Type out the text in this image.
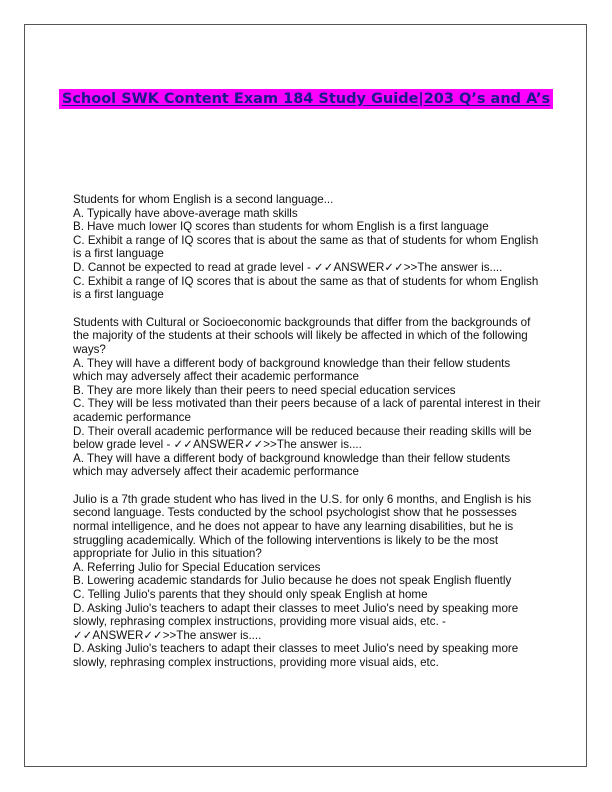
School SWK Content Exam 184 Study Guide|203 Q’s and A’s
Students for whom English is a second language...
A. Typically have above-average math skills
B. Have much lower IQ scores than students for whom English is a first language
C. Exhibit a range of IQ scores that is about the same as that of students for whom English is a first language
D. Cannot be expected to read at grade level - ✓✓ANSWER✓✓>>The answer is....
C. Exhibit a range of IQ scores that is about the same as that of students for whom English is a first language
Students with Cultural or Socioeconomic backgrounds that differ from the backgrounds of the majority of the students at their schools will likely be affected in which of the following ways?
A. They will have a different body of background knowledge than their fellow students which may adversely affect their academic performance
B. They are more likely than their peers to need special education services
C. They will be less motivated than their peers because of a lack of parental interest in their academic performance
D. Their overall academic performance will be reduced because their reading skills will be below grade level - ✓✓ANSWER✓✓>>The answer is....
A. They will have a different body of background knowledge than their fellow students which may adversely affect their academic performance
Julio is a 7th grade student who has lived in the U.S. for only 6 months, and English is his second language. Tests conducted by the school psychologist show that he possesses normal intelligence, and he does not appear to have any learning disabilities, but he is struggling academically. Which of the following interventions is likely to be the most appropriate for Julio in this situation?
A. Referring Julio for Special Education services
B. Lowering academic standards for Julio because he does not speak English fluently
C. Telling Julio's parents that they should only speak English at home
D. Asking Julio's teachers to adapt their classes to meet Julio's need by speaking more slowly, rephrasing complex instructions, providing more visual aids, etc. - ✓✓ANSWER✓✓>>The answer is....
D. Asking Julio's teachers to adapt their classes to meet Julio's need by speaking more slowly, rephrasing complex instructions, providing more visual aids, etc.
